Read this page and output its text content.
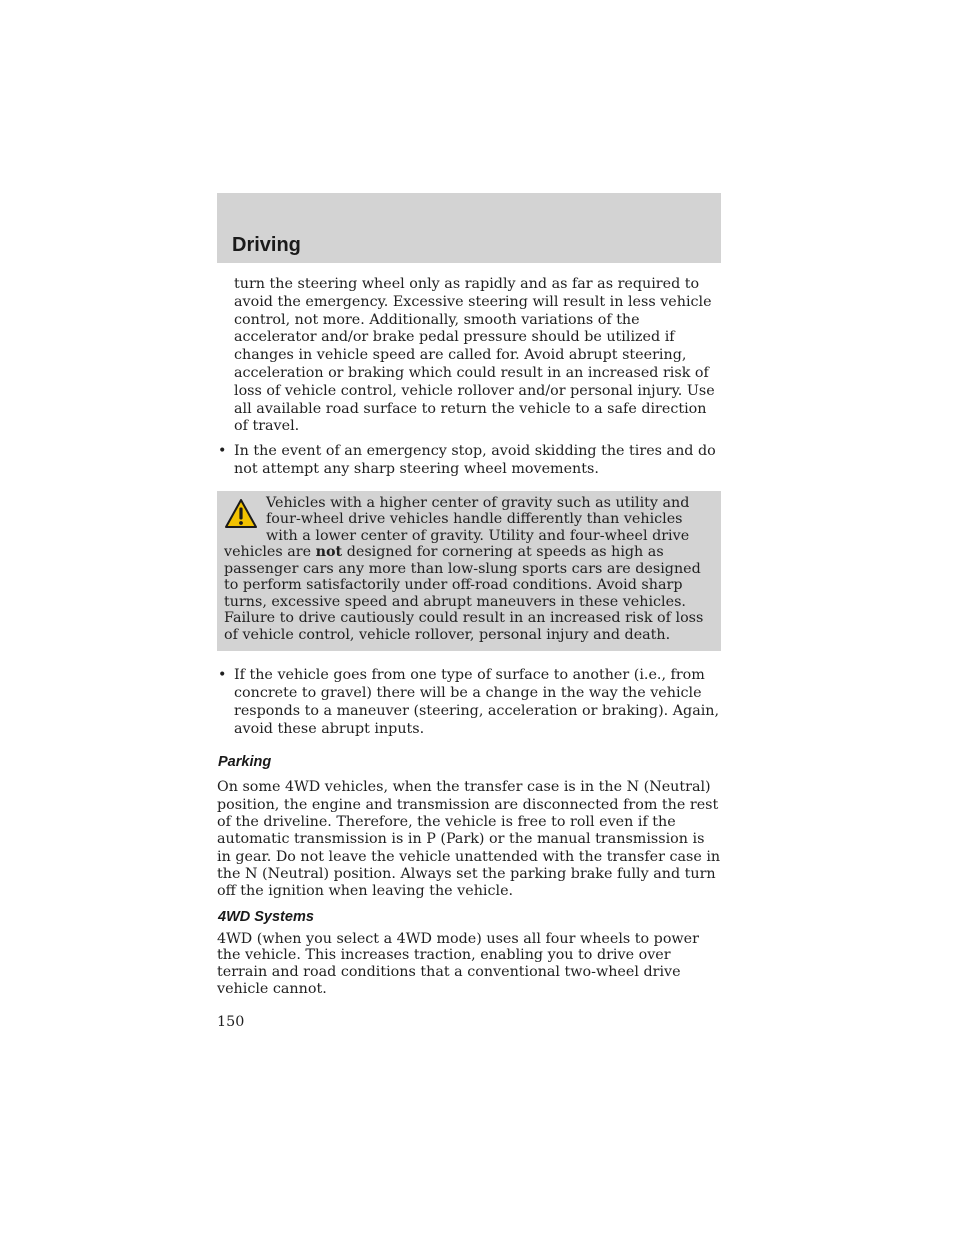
Driving

turn the steering wheel only as rapidly and as far as required to avoid the emergency. Excessive steering will result in less vehicle control, not more. Additionally, smooth variations of the accelerator and/or brake pedal pressure should be utilized if changes in vehicle speed are called for. Avoid abrupt steering, acceleration or braking which could result in an increased risk of loss of vehicle control, vehicle rollover and/or personal injury. Use all available road surface to return the vehicle to a safe direction of travel.

• In the event of an emergency stop, avoid skidding the tires and do not attempt any sharp steering wheel movements.
Vehicles with a higher center of gravity such as utility and four-wheel drive vehicles handle differently than vehicles with a lower center of gravity. Utility and four-wheel drive vehicles are not designed for cornering at speeds as high as passenger cars any more than low-slung sports cars are designed to perform satisfactorily under off-road conditions. Avoid sharp turns, excessive speed and abrupt maneuvers in these vehicles. Failure to drive cautiously could result in an increased risk of loss of vehicle control, vehicle rollover, personal injury and death.
• If the vehicle goes from one type of surface to another (i.e., from concrete to gravel) there will be a change in the way the vehicle responds to a maneuver (steering, acceleration or braking). Again, avoid these abrupt inputs.
Parking

On some 4WD vehicles, when the transfer case is in the N (Neutral) position, the engine and transmission are disconnected from the rest of the driveline. Therefore, the vehicle is free to roll even if the automatic transmission is in P (Park) or the manual transmission is in gear. Do not leave the vehicle unattended with the transfer case in the N (Neutral) position. Always set the parking brake fully and turn off the ignition when leaving the vehicle.

4WD Systems

4WD (when you select a 4WD mode) uses all four wheels to power the vehicle. This increases traction, enabling you to drive over terrain and road conditions that a conventional two-wheel drive vehicle cannot.

150
